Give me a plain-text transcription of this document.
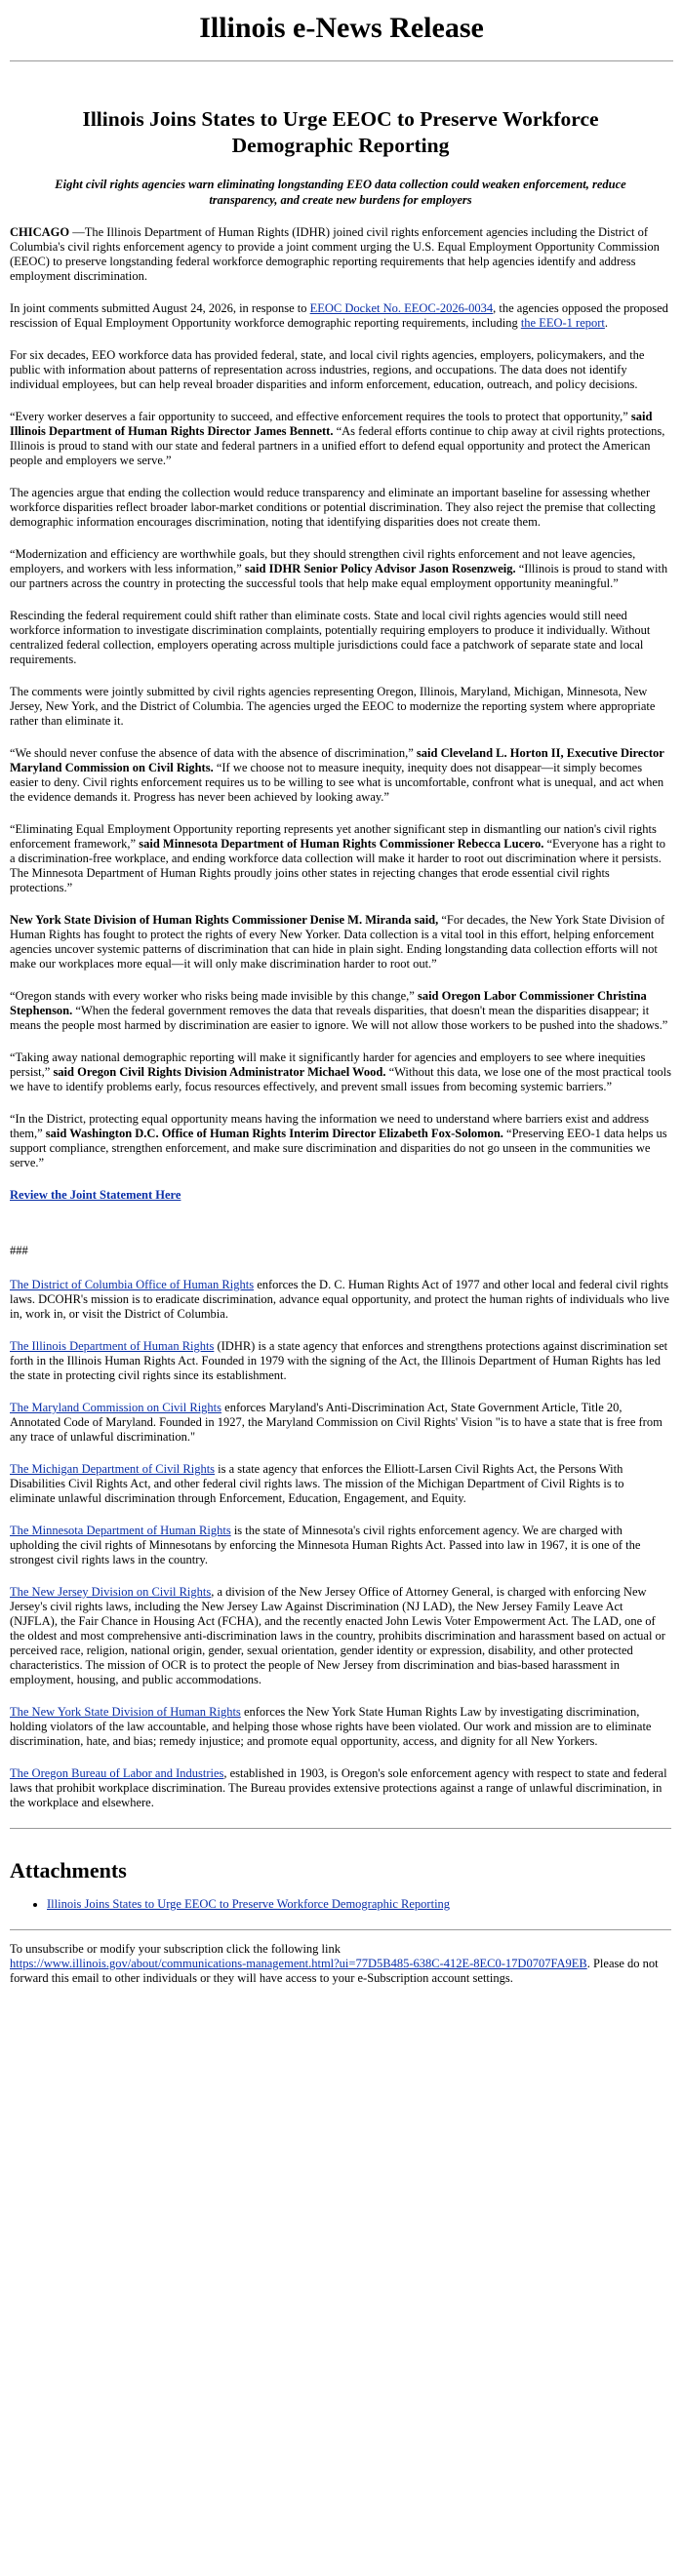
Illinois e-News Release
Illinois Joins States to Urge EEOC to Preserve Workforce Demographic Reporting
Eight civil rights agencies warn eliminating longstanding EEO data collection could weaken enforcement, reduce transparency, and create new burdens for employers

CHICAGO —The Illinois Department of Human Rights (IDHR) joined civil rights enforcement agencies including the District of Columbia's civil rights enforcement agency to provide a joint comment urging the U.S. Equal Employment Opportunity Commission (EEOC) to preserve longstanding federal workforce demographic reporting requirements that help agencies identify and address employment discrimination.

In joint comments submitted August 24, 2026, in response to EEOC Docket No. EEOC-2026-0034, the agencies opposed the proposed rescission of Equal Employment Opportunity workforce demographic reporting requirements, including the EEO-1 report.

For six decades, EEO workforce data has provided federal, state, and local civil rights agencies, employers, policymakers, and the public with information about patterns of representation across industries, regions, and occupations. The data does not identify individual employees, but can help reveal broader disparities and inform enforcement, education, outreach, and policy decisions.

“Every worker deserves a fair opportunity to succeed, and effective enforcement requires the tools to protect that opportunity,” said Illinois Department of Human Rights Director James Bennett. “As federal efforts continue to chip away at civil rights protections, Illinois is proud to stand with our state and federal partners in a unified effort to defend equal opportunity and protect the American people and employers we serve.”

The agencies argue that ending the collection would reduce transparency and eliminate an important baseline for assessing whether workforce disparities reflect broader labor-market conditions or potential discrimination. They also reject the premise that collecting demographic information encourages discrimination, noting that identifying disparities does not create them.

“Modernization and efficiency are worthwhile goals, but they should strengthen civil rights enforcement and not leave agencies, employers, and workers with less information,” said IDHR Senior Policy Advisor Jason Rosenzweig. “Illinois is proud to stand with our partners across the country in protecting the successful tools that help make equal employment opportunity meaningful.”

Rescinding the federal requirement could shift rather than eliminate costs. State and local civil rights agencies would still need workforce information to investigate discrimination complaints, potentially requiring employers to produce it individually. Without centralized federal collection, employers operating across multiple jurisdictions could face a patchwork of separate state and local requirements.

The comments were jointly submitted by civil rights agencies representing Oregon, Illinois, Maryland, Michigan, Minnesota, New Jersey, New York, and the District of Columbia. The agencies urged the EEOC to modernize the reporting system where appropriate rather than eliminate it.

“We should never confuse the absence of data with the absence of discrimination,” said Cleveland L. Horton II, Executive Director Maryland Commission on Civil Rights. “If we choose not to measure inequity, inequity does not disappear—it simply becomes easier to deny. Civil rights enforcement requires us to be willing to see what is uncomfortable, confront what is unequal, and act when the evidence demands it. Progress has never been achieved by looking away.”

“Eliminating Equal Employment Opportunity reporting represents yet another significant step in dismantling our nation's civil rights enforcement framework,” said Minnesota Department of Human Rights Commissioner Rebecca Lucero. “Everyone has a right to a discrimination-free workplace, and ending workforce data collection will make it harder to root out discrimination where it persists. The Minnesota Department of Human Rights proudly joins other states in rejecting changes that erode essential civil rights protections.”

New York State Division of Human Rights Commissioner Denise M. Miranda said, “For decades, the New York State Division of Human Rights has fought to protect the rights of every New Yorker. Data collection is a vital tool in this effort, helping enforcement agencies uncover systemic patterns of discrimination that can hide in plain sight. Ending longstanding data collection efforts will not make our workplaces more equal—it will only make discrimination harder to root out.”

“Oregon stands with every worker who risks being made invisible by this change,” said Oregon Labor Commissioner Christina Stephenson. “When the federal government removes the data that reveals disparities, that doesn't mean the disparities disappear; it means the people most harmed by discrimination are easier to ignore. We will not allow those workers to be pushed into the shadows.”

“Taking away national demographic reporting will make it significantly harder for agencies and employers to see where inequities persist,” said Oregon Civil Rights Division Administrator Michael Wood. “Without this data, we lose one of the most practical tools we have to identify problems early, focus resources effectively, and prevent small issues from becoming systemic barriers.”

“In the District, protecting equal opportunity means having the information we need to understand where barriers exist and address them,” said Washington D.C. Office of Human Rights Interim Director Elizabeth Fox-Solomon. “Preserving EEO-1 data helps us support compliance, strengthen enforcement, and make sure discrimination and disparities do not go unseen in the communities we serve.”

Review the Joint Statement Here
###

The District of Columbia Office of Human Rights enforces the D. C. Human Rights Act of 1977 and other local and federal civil rights laws. DCOHR's mission is to eradicate discrimination, advance equal opportunity, and protect the human rights of individuals who live in, work in, or visit the District of Columbia.

The Illinois Department of Human Rights (IDHR) is a state agency that enforces and strengthens protections against discrimination set forth in the Illinois Human Rights Act. Founded in 1979 with the signing of the Act, the Illinois Department of Human Rights has led the state in protecting civil rights since its establishment.

The Maryland Commission on Civil Rights enforces Maryland's Anti-Discrimination Act, State Government Article, Title 20, Annotated Code of Maryland. Founded in 1927, the Maryland Commission on Civil Rights' Vision "is to have a state that is free from any trace of unlawful discrimination."

The Michigan Department of Civil Rights is a state agency that enforces the Elliott-Larsen Civil Rights Act, the Persons With Disabilities Civil Rights Act, and other federal civil rights laws. The mission of the Michigan Department of Civil Rights is to eliminate unlawful discrimination through Enforcement, Education, Engagement, and Equity.

The Minnesota Department of Human Rights is the state of Minnesota's civil rights enforcement agency. We are charged with upholding the civil rights of Minnesotans by enforcing the Minnesota Human Rights Act. Passed into law in 1967, it is one of the strongest civil rights laws in the country.

The New Jersey Division on Civil Rights, a division of the New Jersey Office of Attorney General, is charged with enforcing New Jersey's civil rights laws, including the New Jersey Law Against Discrimination (NJ LAD), the New Jersey Family Leave Act (NJFLA), the Fair Chance in Housing Act (FCHA), and the recently enacted John Lewis Voter Empowerment Act. The LAD, one of the oldest and most comprehensive anti-discrimination laws in the country, prohibits discrimination and harassment based on actual or perceived race, religion, national origin, gender, sexual orientation, gender identity or expression, disability, and other protected characteristics. The mission of OCR is to protect the people of New Jersey from discrimination and bias-based harassment in employment, housing, and public accommodations.

The New York State Division of Human Rights enforces the New York State Human Rights Law by investigating discrimination, holding violators of the law accountable, and helping those whose rights have been violated. Our work and mission are to eliminate discrimination, hate, and bias; remedy injustice; and promote equal opportunity, access, and dignity for all New Yorkers.

The Oregon Bureau of Labor and Industries, established in 1903, is Oregon's sole enforcement agency with respect to state and federal laws that prohibit workplace discrimination. The Bureau provides extensive protections against a range of unlawful discrimination, in the workplace and elsewhere.

Attachments
• Illinois Joins States to Urge EEOC to Preserve Workforce Demographic Reporting

To unsubscribe or modify your subscription click the following link
https://www.illinois.gov/about/communications-management.html?ui=77D5B485-638C-412E-8EC0-17D0707FA9EB. Please do not forward this email to other individuals or they will have access to your e-Subscription account settings.
